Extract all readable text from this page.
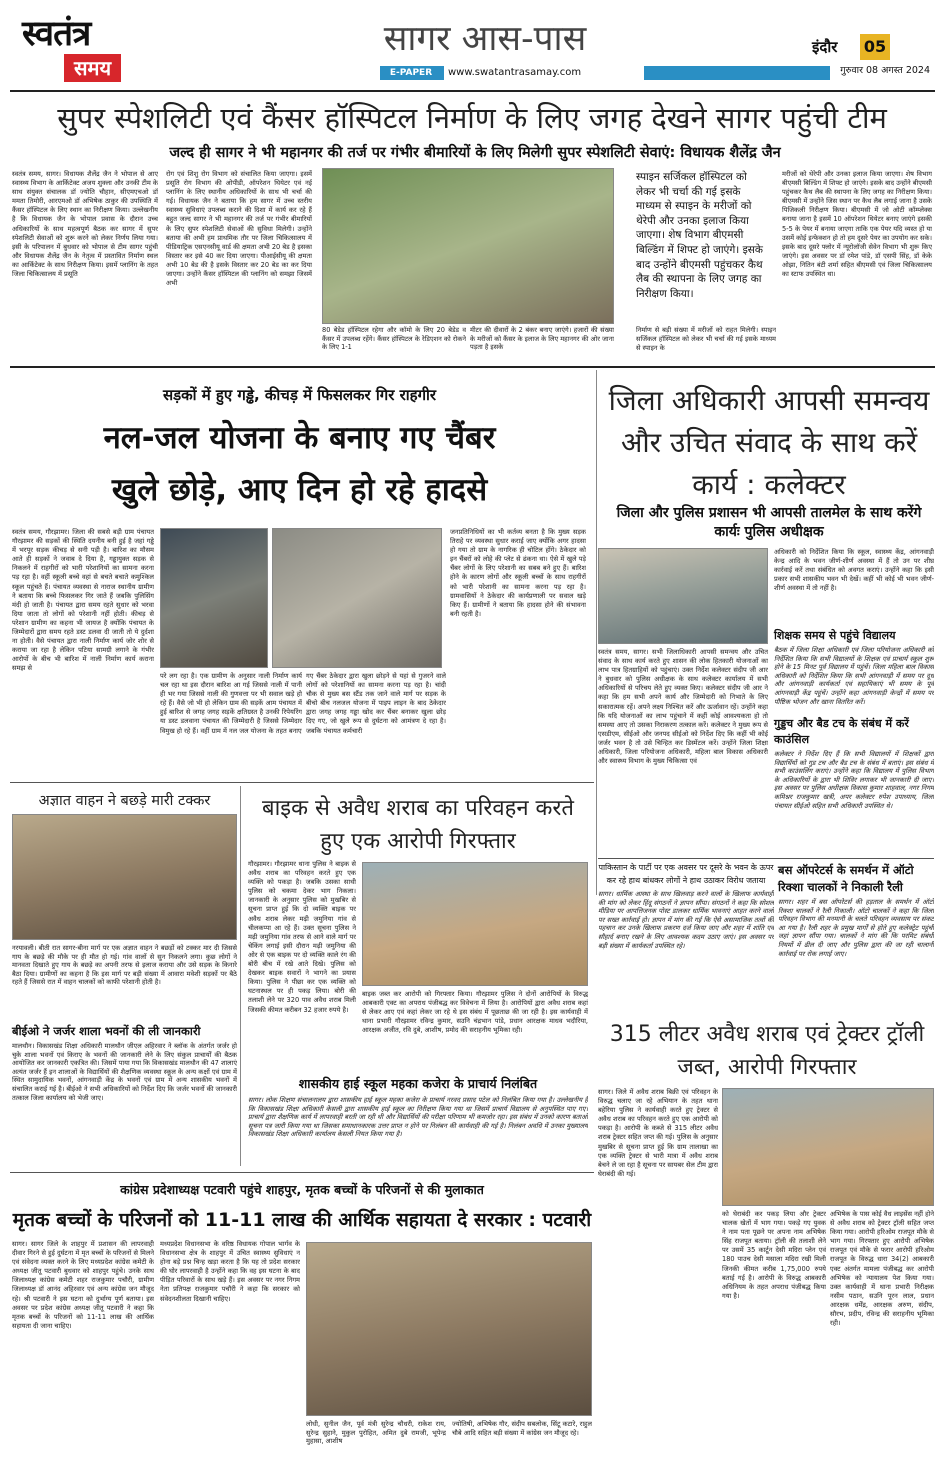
स्वतंत्र
समय
सागर आस-पास
E-PAPER	www.swatantrasamay.com
इंदौर	05
गुरुवार 08 अगस्त 2024
सुपर स्पेशलिटी एवं कैंसर हॉस्पिटल निर्माण के लिए जगह देखने सागर पहुंची टीम
जल्द ही सागर ने भी महानगर की तर्ज पर गंभीर बीमारियों के लिए मिलेगी सुपर स्पेशलिटी सेवाएं: विधायक शैलेंद्र जैन
स्वतंत्र समय, सागर। विधायक शैलेंद्र जैन ने भोपाल से आए स्वास्थ्य विभाग के आर्किटेक्ट अजय शुक्ला और उनकी टीम के साथ संयुक्त संचालक डॉ ज्योति चौहान, सीएमएचओ डॉ ममता तिमोरी, आरएमओ डॉ अभिषेक ठाकुर की उपस्थिति में कैंसर हॉस्पिटल के लिए स्थान का निरीक्षण किया। उल्लेखनीय है कि विधायक जैन के भोपाल प्रवास के दौरान उच्च अधिकारियों के साथ महत्वपूर्ण बैठक कर सागर में सुपर स्पेशलिटी सेवाओं को शुरू करने को लेकर निर्णय लिया गया। इसी के परिपालन में बुधवार को भोपाल से टीम सागर पहुंची और विधायक शैलेंद्र जैन के नेतृत्व में प्रस्तावित निर्माण स्थल का आर्किटेक्ट के साथ निरीक्षण किया। इसमें प्लानिंग के तहत जिला चिकित्सालय में प्रसूति
रोग एवं शिशु रोग विभाग को संचालित किया जाएगा। इसमें प्रसूति रोग विभाग की ओपीडी, ऑपरेशन थियेटर एवं नई प्लानिंग के लिए स्थानीय अधिकारियों के साथ भी चर्चा की गई। विधायक जैन ने बताया कि हम सागर में उच्च स्तरीय स्वास्थ्य सुविधाएं उपलब्ध कराने की दिशा में कार्य कर रहे हैं बहुत जल्द सागर ने भी महानगर की तर्ज पर गंभीर बीमारियों के लिए सुपर स्पेशलिटी सेवाओं की सुविधा मिलेगी। उन्होंने बताया की अभी हम प्राथमिक तौर पर जिला चिकित्सालय में पीडियाट्रिक एसएनसीयू वार्ड की क्षमता अभी 20 बेड है इसका विस्तार कर इसे 40 कर दिया जाएगा। पीआईसीयू की क्षमता अभी 10 बेड की है इसके विस्तार कर 20 बेड का कर दिया जाएगा। उन्होंने कैंसर हॉस्पिटल की प्लानिंग को समझा जिसमें अभी
80 बेडेड हॉस्पिटल रहेगा और कॉमो के लिए 20 बेडेड व कैंसर में उपलब्ध रहेंगे। कैंसर हॉस्पिटल के रेडिएशन को रोकने के लिए 1-1
मीटर की दीवारों के 2 बंकर बनाए जाएंगे। हजारों की संख्या के मरीजों को कैंसर के इलाज के लिए महानगर की ओर जाना पड़ता है इसके
स्पाइन सर्जिकल हॉस्पिटल को लेकर भी चर्चा की गई इसके माध्यम से स्पाइन के मरीजों को थेरेपी और उनका इलाज किया जाएगा। शेष विभाग बीएमसी बिल्डिंग में शिफ्ट हो जाएंगे। इसके बाद उन्होंने बीएमसी पहुंचकर कैथ लैब की स्थापना के लिए जगह का निरीक्षण किया।
निर्माण से बड़ी संख्या में मरीजों को राहत मिलेगी। स्पाइन सर्जिकल हॉस्पिटल को लेकर भी चर्चा की गई इसके माध्यम से स्पाइन के
मरीजों को थेरेपी और उनका इलाज किया जाएगा। शेष विभाग बीएमसी बिल्डिंग में शिफ्ट हो जाएंगे। इसके बाद उन्होंने बीएमसी पहुंचकर कैथ लैब की स्थापना के लिए जगह का निरीक्षण किया। बीएमसी में उन्होंने जिस स्थान पर कैथ लैब लगाई जाना है उसके पिजिकली निरीक्षण किया। बीएमसी में जो ओटी कॉम्प्लेक्स बनाया जाना है इसमें 10 ऑपरेशन थियेटर बनाए जाएंगे इसकी 5-5 के पेयर में बनाया जाएगा ताकि एक पेयर यदि व्यस्त हो या उसमें कोई इन्फेक्शन हो तो हम दूसरे पेयर का उपयोग कर सके। इसके बाद दूसरे फ्लोर में न्यूरोलॉजी सेवेन विभाग भी शुरू किए जाएंगे। इस अवसर पर डॉ रमेश पांडे, डॉ एसपी सिंह, डॉ केके ओझा, नितिन बंटी शर्मा सहित बीएमसी एवं जिला चिकित्सालय का स्टाफ उपस्थित था।
सड़कों में हुए गड्ढे, कीचड़ में फिसलकर गिर राहगीर
नल-जल योजना के बनाए गए चैंबर
खुले छोड़े, आए दिन हो रहे हादसे
स्वतंत्र समय, गौरझामर। जिला की सबसे बड़ी ग्राम पंचायत गौरझामर की सड़कों की स्थिति दयनीय बनी हुई है जहां गड्ढे में भरपूर सड़क कीचड़ से सनी पड़ी है। बारिश का मौसम आते ही सड़कों ने जवाब दे दिया है, गड्ढायुक्त सड़क से निकलने में राहगीरों को भारी परेशानियों का सामना करना पड़ रहा है। वहीं स्कूली बच्चे वहां से बचते बचाते कमुश्किल स्कूल पहुंचते हैं। पंचायत व्यवस्था से नाराज स्थानीय ग्रामीण ने बताया कि बच्चे फिसलकर गिर जाते हैं जबकि पुलिसिंग मंदी हो जाती है। पंचायत द्वारा समय रहते सुधार को भरवा दिया जाता तो लोगों को परेशानी नहीं होती। कीचड़ से परेशान ग्रामीण का कहना भी जायज है क्योंकि पंचायत के जिम्मेदारों द्वारा समय रहते डस्ट डलवा दी जाती तो ये दुर्दशा ना होती। वैसे पंचायत द्वारा नाली निर्माण कार्य जोर शोर से कराया जा रहा है लेकिन पटिया सामग्री लगाने के गंभीर आरोपों के बीच भी बारिश में नाली निर्माण कार्य कराना समझ से
परे लग रहा है। एक ग्रामीण के अनुसार नाली निर्माण कार्य चल रहा था इस दौरान बारिश आ गई जिससे नाली में पानी ही भर गया जिससे नाली की गुणवत्ता पर भी सवाल खड़े हो रहे हैं। वैसे जो भी हो लेकिन ग्राम की सड़कें आम पंचायत में हुई बारिश से जगह जगह सड़कें क्षतिग्रस्त है उनकी रिपेयरिंग या डस्ट डलवाना पंचायत की जिम्मेदारी है जिससे जिम्मेदार विमुख हो रहे हैं। वहीं ग्राम में नल जल योजना के तहत बनाए
गए चैंबर ठेकेदार द्वारा खुला छोड़ने से यहां से गुजरने वाले लोगों को परेशानियों का सामना करना पड़ रहा है। चांदी चौक से मुख्य बस स्टैंड तक जाने वाले मार्ग पर सड़क के बीचो बीच नलजल योजना में पाइप लाइन के बाद ठेकेदार द्वारा जगह जगह गड्ढा खोद कर चैंबर बनाकर खुला छोड़ दिए गए, जो खुले रूप से दुर्घटना को आमंत्रण दे रहा है। जबकि पंचायत कर्मचारी
जनप्रतिनिधियों का भी कर्तव्य बनता है कि मुख्य सड़क तिराहे पर व्यवस्था सुधार कराई जाए क्योंकि अगर हादसा हो गया तो ग्राम के नागरिक ही चोटिल होंगे। ठेकेदार को इन चैंबरों को लोहे की प्लेट से ढंकना था। ऐसे में खुले पड़े चैंबर लोगों के लिए परेशानी का सबब बने हुए हैं। बारिश होने के कारण लोगों और स्कूली बच्चों के साथ राहगीरों को भारी परेशानी का सामना करना पड़ रहा है। ग्रामवासियों ने ठेकेदार की कार्यप्रणाली पर सवाल खड़े किए हैं। ग्रामीणों ने बताया कि हादसा होने की संभावना बनी रहती है।
जिला अधिकारी आपसी समन्वय और उचित संवाद के साथ करें कार्य : कलेक्टर
जिला और पुलिस प्रशासन भी आपसी तालमेल के साथ करेंगे कार्यः पुलिस अधीक्षक
अधिकारी को निर्देशित किया कि स्कूल, स्वास्थ्य केंद्र, आंगनवाड़ी केन्द्र आदि के भवन जीर्ण-शीर्ण अवस्था में हैं तो उन पर शीघ्र कार्रवाई करें तथा संबंधित को अवगत कराएं। उन्होंने कहा कि इसी प्रकार सभी शासकीय भवन भी देखें। कहीं भी कोई भी भवन जीर्ण-शीर्ण अवस्था में तो नहीं है।
स्वतंत्र समय, सागर। सभी जिलाधिकारी आपसी समन्वय और उचित संवाद के साथ कार्य करते हुए शासन की लोक हितकारी योजनाओं का लाभ पात्र हितग्राहियों को पहुंचाएं। उक्त निर्देश कलेक्टर संदीप जी आर ने बुधवार को पुलिस अधीक्षक के साथ कलेक्टर कार्यालय में सभी अधिकारियों से परिचय लेते हुए व्यक्त किए। कलेक्टर संदीप जी आर ने कहा कि हम सभी अपने कार्य और जिम्मेदारी को निभाते के लिए सकारात्मक रहें। अपने लक्ष्य निश्चित करें और ऊर्जावान रहें। उन्होंने कहा कि यदि योजनाओं का लाभ पहुंचाने में कहीं कोई आवश्यकता हो तो समस्या आए तो उसका निराकरण तत्काल करें। कलेक्टर ने मुख्य रूप से एसडीएम, सीईओ और जनपद सीईओ को निर्देश दिए कि कहीं भी कोई जर्जर भवन है तो उसे चिन्हित कर डिस्मेंटल करें। उन्होंने जिला शिक्षा अधिकारी, जिला परियोजना अधिकारी, महिला बाल विकास अधिकारी और स्वास्थ्य विभाग के मुख्य चिकित्सा एवं
शिक्षक समय से पहुंचे विद्यालय
बैठक में जिला शिक्षा अधिकारी एवं जिला परियोजना अधिकारी को निर्देशित किया कि सभी विद्यालयों के शिक्षक एवं प्राचार्य स्कूल शुरू होने के 15 मिनट पूर्व विद्यालय में पहुंचें। जिला महिला बाल विकास अधिकारी को निर्देशित किया कि सभी आंगनवाड़ी में समय पर दूध और आंगनवाड़ी कार्यकर्ता एवं सहायिकाएं भी समय के पूर्व आंगनवाड़ी केंद्र पहुंचें। उन्होंने कहा आंगनवाड़ी केन्द्रों में समय पर पौष्टिक भोजन और खाना वितरित करें।
गुड्डच और बैड टच के संबंध में करें काउंसिल
कलेक्टर ने निर्देश दिए हैं कि सभी विद्यालयों में शिक्षकों द्वारा विद्यार्थियों को गुड टच और बैड टच के संबंध में बताएं। इस संबंध में सभी काउंसलिंग कराएं। उन्होंने कहा कि विद्यालय में पुलिस विभाग के अधिकारियों के द्वारा भी शिविर लगाकर भी जानकारी दी जाए। इस अवसर पर पुलिस अधीक्षक विकास कुमार शाहवाल, नगर निगम कमिश्नर राजकुमार खत्री, अपर कलेक्टर रुपेश उपाध्याय, जिला पंचायत सीईओ सहित सभी अधिकारी उपस्थित थे।
अज्ञात वाहन ने बछड़े मारी टक्कर
नरयावली। बीती रात सागर-बीना मार्ग पर एक अज्ञात वाहन ने बछड़ों को टक्कर मार दी जिससे गाय के बछड़े की मौके पर ही मौत हो गई। गांव वालों से सुन निकलने लगा। कुछ लोगों ने मानवता दिखाते हुए गाय के बछड़े का अपनी तरफ से इलाज कराया और उसे सड़क के किनारे बैठा दिया। ग्रामीणों का कहना है कि इस मार्ग पर बड़ी संख्या में आवारा मवेशी सड़कों पर बैठे रहते हैं जिससे रात में वाहन चालकों को काफी परेशानी होती है।
बीईओ ने जर्जर शाला भवनों की ली जानकारी
मालथौन। विकासखंड शिक्षा अधिकारी मालथौन जीएल अहिरवार ने ब्लॉक के अंतर्गत जर्जर हो चुके शाला भवनों एवं किराए के भवनों की जानकारी लेने के लिए संकुल प्राचार्यों की बैठक आयोजित कर जानकारी एकत्रित की। जिसमें पाया गया कि विकासखंड मालथौन की 47 शालाएं अत्यंत जर्जर हैं इन शालाओं के विद्यार्थियों की शैक्षणिक व्यवस्था स्कूल के अन्य कक्षों एवं ग्राम में स्थित सामुदायिक भवनों, आंगनवाड़ी केंद्र के भवनों एवं ग्राम में अन्य शासकीय भवनों में संचालित कराई गई है। बीईओ ने सभी अधिकारियों को निर्देश दिए कि जर्जर भवनों की जानकारी तत्काल जिला कार्यालय को भेजी जाए।
बाइक से अवैध शराब का परिवहन करते हुए एक आरोपी गिरफ्तार
गौरझामर। गौरझामर थाना पुलिस ने बाइक से अवैध शराब का परिवहन करते हुए एक व्यक्ति को पकड़ा है। जबकि उसका साथी पुलिस को चकमा देकर भाग निकला। जानकारी के अनुसार पुलिस को मुखबिर से सूचना प्राप्त हुई कि दो व्यक्ति बाइक पर अवैध शराब लेकर मढ़ी जमुनिया गांव से चीलकप्पा आ रहे हैं। उक्त सूचना पुलिस ने मढ़ी जमुनिया गांव तरफ से आने वाले मार्ग पर चेकिंग लगाई इसी दौरान मढ़ी जमुनिया की ओर से एक बाइक पर दो व्यक्ति काले रंग की बोरी बीच में रखे आते दिखे। पुलिस को देखकर बाइक सवारों ने भागने का प्रयास किया। पुलिस ने पीछा कर एक व्यक्ति को घटनास्थल पर ही पकड़ लिया। बोरी की तलाशी लेने पर 320 पाव अवैध शराब मिली जिसकी कीमत करीबन 32 हजार रुपये है।
बाइक जब्त कर आरोपी को गिरफ्तार किया। गौरझामर पुलिस ने दोनों आरोपियों के विरुद्ध आबकारी एक्ट का अपराध पंजीबद्ध कर विवेचना में लिया है। आरोपियों द्वारा अवैध शराब कहां से लेकर आए एवं कहां लेकर जा रहे थे इस संबंध में पूछताछ की जा रही है। इस कार्यवाही में थाना प्रभारी गौरझामर रविन्द्र कुमार, सउनि चंद्रभान पांडे, प्रधान आरक्षक माधव भदौरिया, आरक्षक अजीत, रवि दुबे, आशीष, प्रमोद की सराहनीय भूमिका रही।
शासकीय हाई स्कूल महका कजेरा के प्राचार्य निलंबित
सागर। लोक शिक्षण संचालनालय द्वारा शासकीय हाई स्कूल महका कजेरा के प्राचार्य नरवद प्रसाद पटेल को निलंबित किया गया है। उल्लेखनीय है कि विकासखंड शिक्षा अधिकारी केसली द्वारा शासकीय हाई स्कूल का निरीक्षण किया गया था जिसमें प्राचार्य विद्यालय से अनुपस्थित पाए गए। प्राचार्य द्वारा शैक्षणिक कार्य में लापरवाही बरती जा रही थी और विद्यार्थियों की परीक्षा परिणाम भी कमजोर रहा। इस संबंध में उनको कारण बताओ सूचना पत्र जारी किया गया था जिसका समाधानकारक उत्तर प्राप्त न होने पर निलंबन की कार्यवाही की गई है। निलंबन अवधि में उनका मुख्यालय विकासखंड शिक्षा अधिकारी कार्यालय केसली नियत किया गया है।
पाकिस्तान के पार्टी पर एक अवसर पर दूसरे के भवन के ऊपर कर रहे हाथ बांधकर लोगों ने हाथ उठाकर विरोध जताया
सागर। धार्मिक आस्था के साथ खिलवाड़ करने वालों के खिलाफ कार्यवाही की मांग को लेकर हिंदू संगठनों ने ज्ञापन सौंपा। संगठनों ने कहा कि सोशल मीडिया पर आपत्तिजनक पोस्ट डालकर धार्मिक भावनाएं आहत करने वालों पर सख्त कार्रवाई हो। ज्ञापन में मांग की गई कि ऐसे असामाजिक तत्वों की पहचान कर उनके खिलाफ प्रकरण दर्ज किया जाए और शहर में शांति एवं सौहार्द बनाए रखने के लिए आवश्यक कदम उठाए जाएं। इस अवसर पर बड़ी संख्या में कार्यकर्ता उपस्थित रहे।
बस ऑपरेटर्स के समर्थन में ऑटो रिक्शा चालकों ने निकाली रैली
सागर। शहर में बस ऑपरेटर्स की हड़ताल के समर्थन में ऑटो रिक्शा चालकों ने रैली निकाली। ऑटो चालकों ने कहा कि जिला परिवहन विभाग की मनमानी के चलते परिवहन व्यवसाय पर संकट आ गया है। रैली शहर के प्रमुख मार्गों से होते हुए कलेक्ट्रेट पहुंची जहां ज्ञापन सौंपा गया। चालकों ने मांग की कि परमिट संबंधी नियमों में ढील दी जाए और पुलिस द्वारा की जा रही चालानी कार्रवाई पर रोक लगाई जाए।
315 लीटर अवैध शराब एवं ट्रेक्टर ट्रॉली जब्त, आरोपी गिरफ्तार
सागर। जिले में अवैध शराब बिक्री एवं परिवहन के विरुद्ध चलाए जा रहे अभियान के तहत थाना बहेरिया पुलिस ने कार्यवाही करते हुए ट्रेक्टर से अवैध शराब का परिवहन करते हुए एक आरोपी को पकड़ा है। आरोपी के कब्जे से 315 लीटर अवैध शराब ट्रेक्टर सहित जप्त की गई। पुलिस के अनुसार मुखबिर से सूचना प्राप्त हुई कि ग्राम तालाखा का एक व्यक्ति ट्रेक्टर से भारी मात्रा में अवैध शराब बेचने ले जा रहा है सूचना पर सायबर सेल टीम द्वारा घेराबंदी की गई।
को घेराबंदी कर पकड़ लिया और ट्रेक्टर चालक खेतों में भाग गया। पकड़े गए युवक ने नाम पता पूछने पर अपना नाम अभिषेक सिंह राजपूत बताया। ट्रॉली की तलाशी लेने पर उसमें 35 कार्टून देसी मदिरा प्लेन एवं 180 पाउच देसी मसाला मदिरा रखी मिली जिनकी कीमत करीब 1,75,000 रुपये बताई गई है। आरोपी के विरुद्ध आबकारी अधिनियम के तहत अपराध पंजीबद्ध किया गया है।
अभिषेक के पास कोई वैध लाइसेंस नहीं होने से अवैध शराब को ट्रेक्टर ट्रॉली सहित जप्त किया गया। आरोपी हरिओम राजपूत मौके से भाग गया। गिरफ्तार हुए आरोपी अभिषेक राजपूत एवं मौके से फरार आरोपी हरिओम राजपूत के विरुद्ध धारा 34(2) आबकारी एक्ट अंतर्गत मामला पंजीबद्ध कर आरोपी अभिषेक को न्यायालय पेश किया गया। उक्त कार्यवाही में थाना प्रभारी निरीक्षक नसीम पठान, सउनि पूरन लाल, प्रधान आरक्षक धर्मेंद्र, आरक्षक अरुण, संदीप, सौरभ, प्रदीप, रविन्द्र की सराहनीय भूमिका रही।
कांग्रेस प्रदेशाध्यक्ष पटवारी पहुंचे शाहपुर, मृतक बच्चों के परिजनों से की मुलाकात
मृतक बच्चों के परिजनों को 11-11 लाख की आर्थिक सहायता दे सरकार : पटवारी
सागर। सागर जिले के शाहपुर में प्रशासन की लापरवाही दीवार गिरने से हुई दुर्घटना में मृत बच्चों के परिजनों से मिलने एवं संवेदना व्यक्त करने के लिए मध्यप्रदेश कांग्रेस कमेटी के अध्यक्ष जीतू पटवारी बुधवार को शाहपुर पहुंचे। उनके साथ जिलाध्यक्ष कांग्रेस कमेटी शहर राजकुमार पचौरी, ग्रामीण जिलाध्यक्ष डॉ आनंद अहिरवार एवं अन्य कांग्रेस जन मौजूद रहे। श्री पटवारी ने इस घटना को दुर्भाग्य पूर्ण बताया। इस अवसर पर प्रदेश कांग्रेस अध्यक्ष जीतू पटवारी ने कहा कि मृतक बच्चों के परिजनों को 11-11 लाख की आर्थिक सहायता दी जाना चाहिए।
मध्यप्रदेश विधानसभा के वरिष्ठ विधायक गोपाल भार्गव के विधानसभा क्षेत्र के शाहपुर में उचित स्वास्थ्य सुविधाएं न होना बड़े प्रश्न चिन्ह खड़ा करता है कि यह तो प्रदेश सरकार की घोर लापरवाही है उन्होंने कहा कि वह इस घटना के बाद पीड़ित परिवारों के साथ खड़े हैं। इस अवसर पर नगर निगम नेता प्रतिपक्ष राजकुमार पचौरी ने कहा कि सरकार को संवेदनशीलता दिखानी चाहिए।
लोधी, सुनील जैन, पूर्व मंत्री सुरेन्द्र चौधरी, राकेश राय, सुरेन्द्र सुहाने, मुकुल पुरोहित, अमित दुबे रामजी, भूपेन्द्र मुहासा, आशीष
ज्योतिषी, अभिषेक गौर, संदीप सबलोक, सिंटू कटारे, राहुल चौबे आदि सहित बड़ी संख्या में कांग्रेस जन मौजूद रहे।
